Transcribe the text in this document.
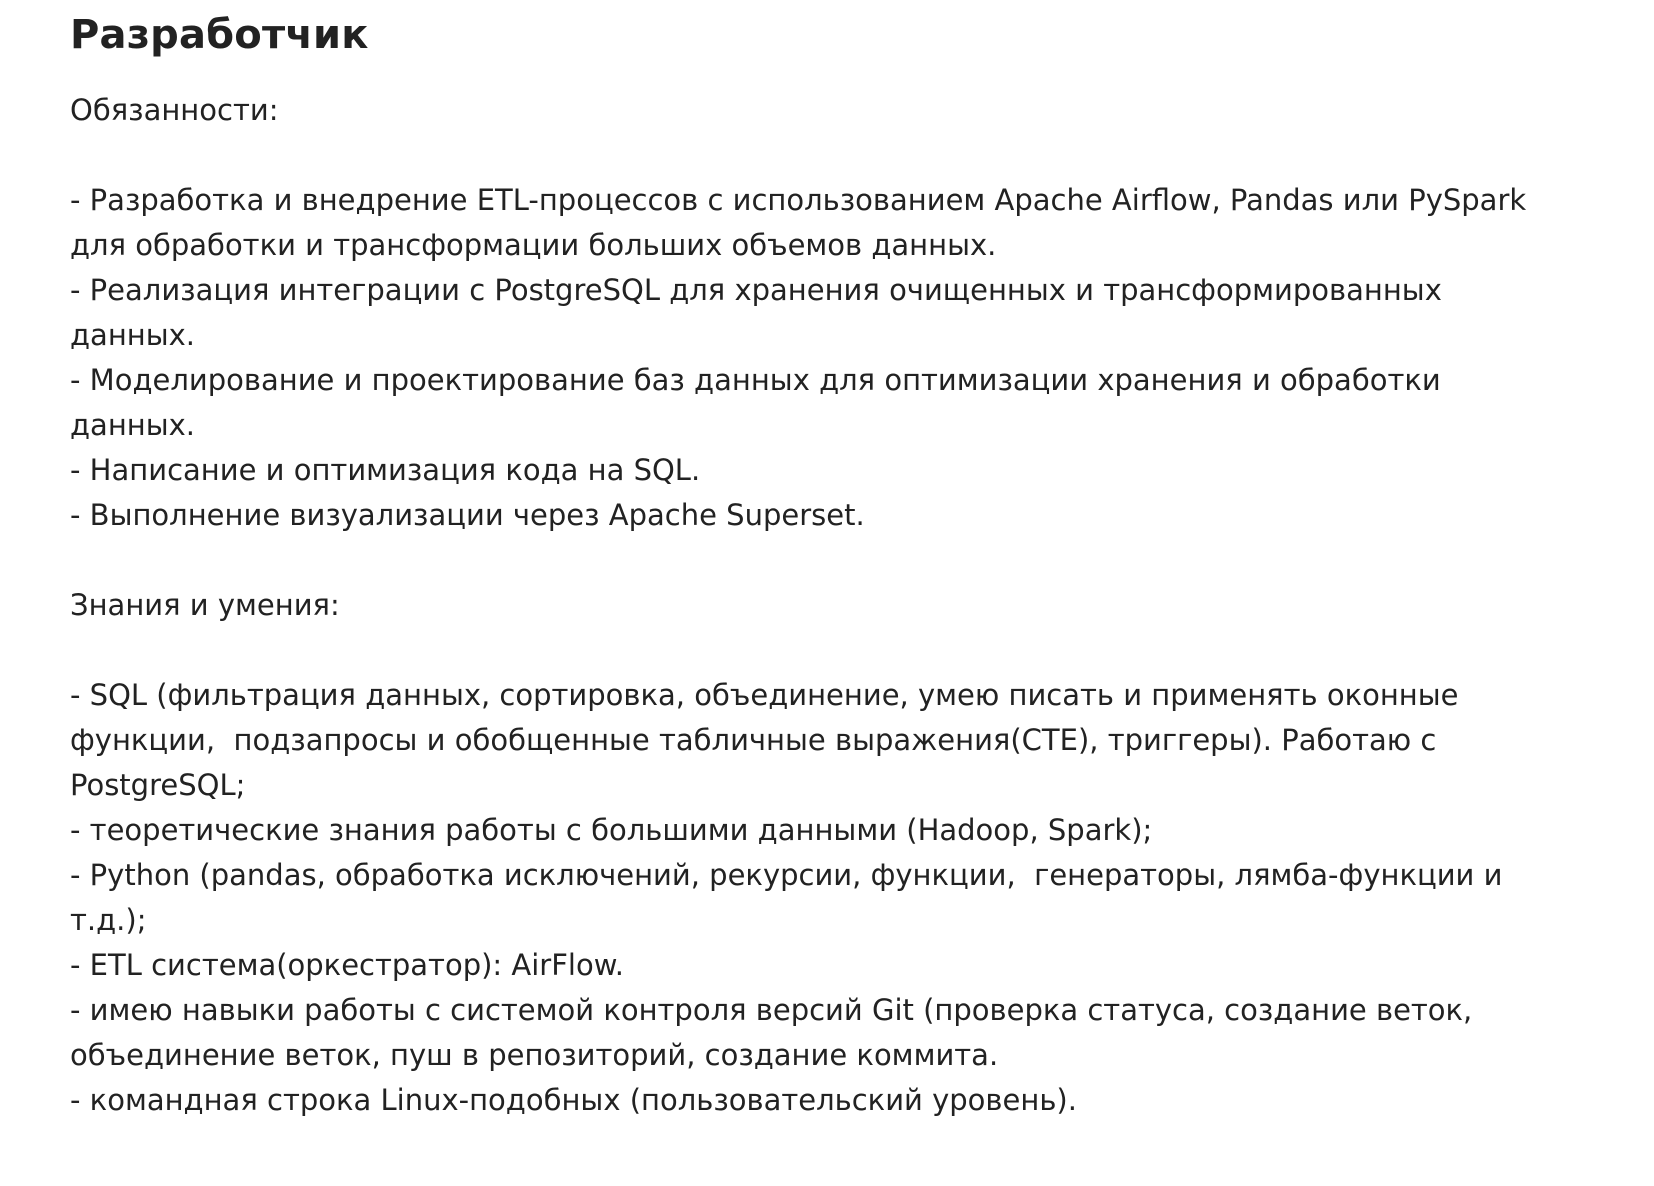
Разработчик

Обязанности:

- Разработка и внедрение ETL-процессов с использованием Apache Airflow, Pandas или PySpark
для обработки и трансформации больших объемов данных.
- Реализация интеграции с PostgreSQL для хранения очищенных и трансформированных
данных.
- Моделирование и проектирование баз данных для оптимизации хранения и обработки
данных.
- Написание и оптимизация кода на SQL.
- Выполнение визуализации через Apache Superset.

Знания и умения:

- SQL (фильтрация данных, сортировка, объединение, умею писать и применять оконные
функции,  подзапросы и обобщенные табличные выражения(CTE), триггеры). Работаю с
PostgreSQL;
- теоретические знания работы с большими данными (Hadoop, Spark);
- Python (pandas, обработка исключений, рекурсии, функции,  генераторы, лямба-функции и
т.д.);
- ETL система(оркестратор): AirFlow.
- имею навыки работы с системой контроля версий Git (проверка статуса, создание веток,
объединение веток, пуш в репозиторий, создание коммита.
- командная строка Linux-подобных (пользовательский уровень).
